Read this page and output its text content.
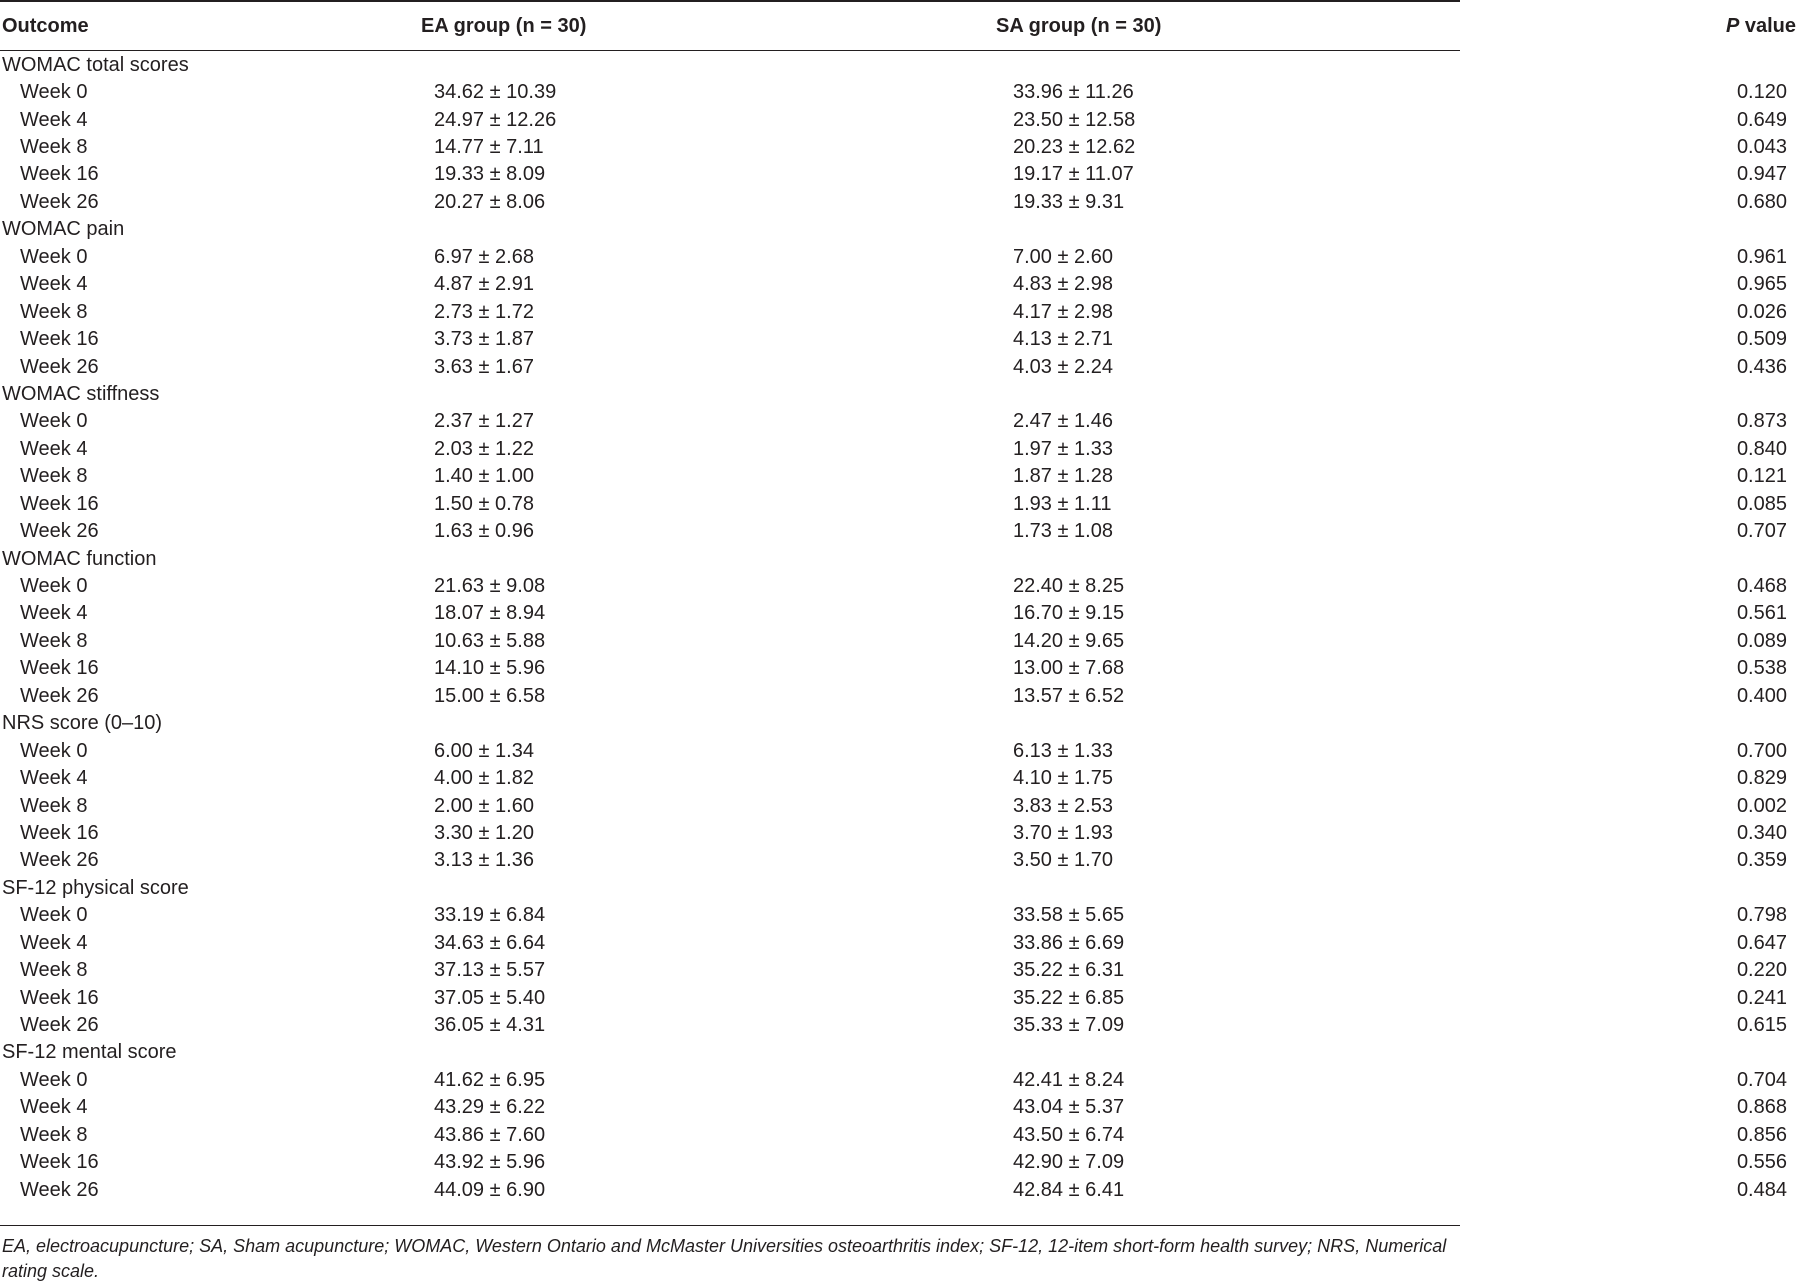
Outcome	EA group (n = 30)	SA group (n = 30)	P value
WOMAC total scores			
Week 0	34.62 ± 10.39	33.96 ± 11.26	0.120
Week 4	24.97 ± 12.26	23.50 ± 12.58	0.649
Week 8	14.77 ± 7.11	20.23 ± 12.62	0.043
Week 16	19.33 ± 8.09	19.17 ± 11.07	0.947
Week 26	20.27 ± 8.06	19.33 ± 9.31	0.680
WOMAC pain			
Week 0	6.97 ± 2.68	7.00 ± 2.60	0.961
Week 4	4.87 ± 2.91	4.83 ± 2.98	0.965
Week 8	2.73 ± 1.72	4.17 ± 2.98	0.026
Week 16	3.73 ± 1.87	4.13 ± 2.71	0.509
Week 26	3.63 ± 1.67	4.03 ± 2.24	0.436
WOMAC stiffness			
Week 0	2.37 ± 1.27	2.47 ± 1.46	0.873
Week 4	2.03 ± 1.22	1.97 ± 1.33	0.840
Week 8	1.40 ± 1.00	1.87 ± 1.28	0.121
Week 16	1.50 ± 0.78	1.93 ± 1.11	0.085
Week 26	1.63 ± 0.96	1.73 ± 1.08	0.707
WOMAC function			
Week 0	21.63 ± 9.08	22.40 ± 8.25	0.468
Week 4	18.07 ± 8.94	16.70 ± 9.15	0.561
Week 8	10.63 ± 5.88	14.20 ± 9.65	0.089
Week 16	14.10 ± 5.96	13.00 ± 7.68	0.538
Week 26	15.00 ± 6.58	13.57 ± 6.52	0.400
NRS score (0–10)			
Week 0	6.00 ± 1.34	6.13 ± 1.33	0.700
Week 4	4.00 ± 1.82	4.10 ± 1.75	0.829
Week 8	2.00 ± 1.60	3.83 ± 2.53	0.002
Week 16	3.30 ± 1.20	3.70 ± 1.93	0.340
Week 26	3.13 ± 1.36	3.50 ± 1.70	0.359
SF-12 physical score			
Week 0	33.19 ± 6.84	33.58 ± 5.65	0.798
Week 4	34.63 ± 6.64	33.86 ± 6.69	0.647
Week 8	37.13 ± 5.57	35.22 ± 6.31	0.220
Week 16	37.05 ± 5.40	35.22 ± 6.85	0.241
Week 26	36.05 ± 4.31	35.33 ± 7.09	0.615
SF-12 mental score			
Week 0	41.62 ± 6.95	42.41 ± 8.24	0.704
Week 4	43.29 ± 6.22	43.04 ± 5.37	0.868
Week 8	43.86 ± 7.60	43.50 ± 6.74	0.856
Week 16	43.92 ± 5.96	42.90 ± 7.09	0.556
Week 26	44.09 ± 6.90	42.84 ± 6.41	0.484
EA, electroacupuncture; SA, Sham acupuncture; WOMAC, Western Ontario and McMaster Universities osteoarthritis index; SF-12, 12-item short-form health survey; NRS, Numerical rating scale.
